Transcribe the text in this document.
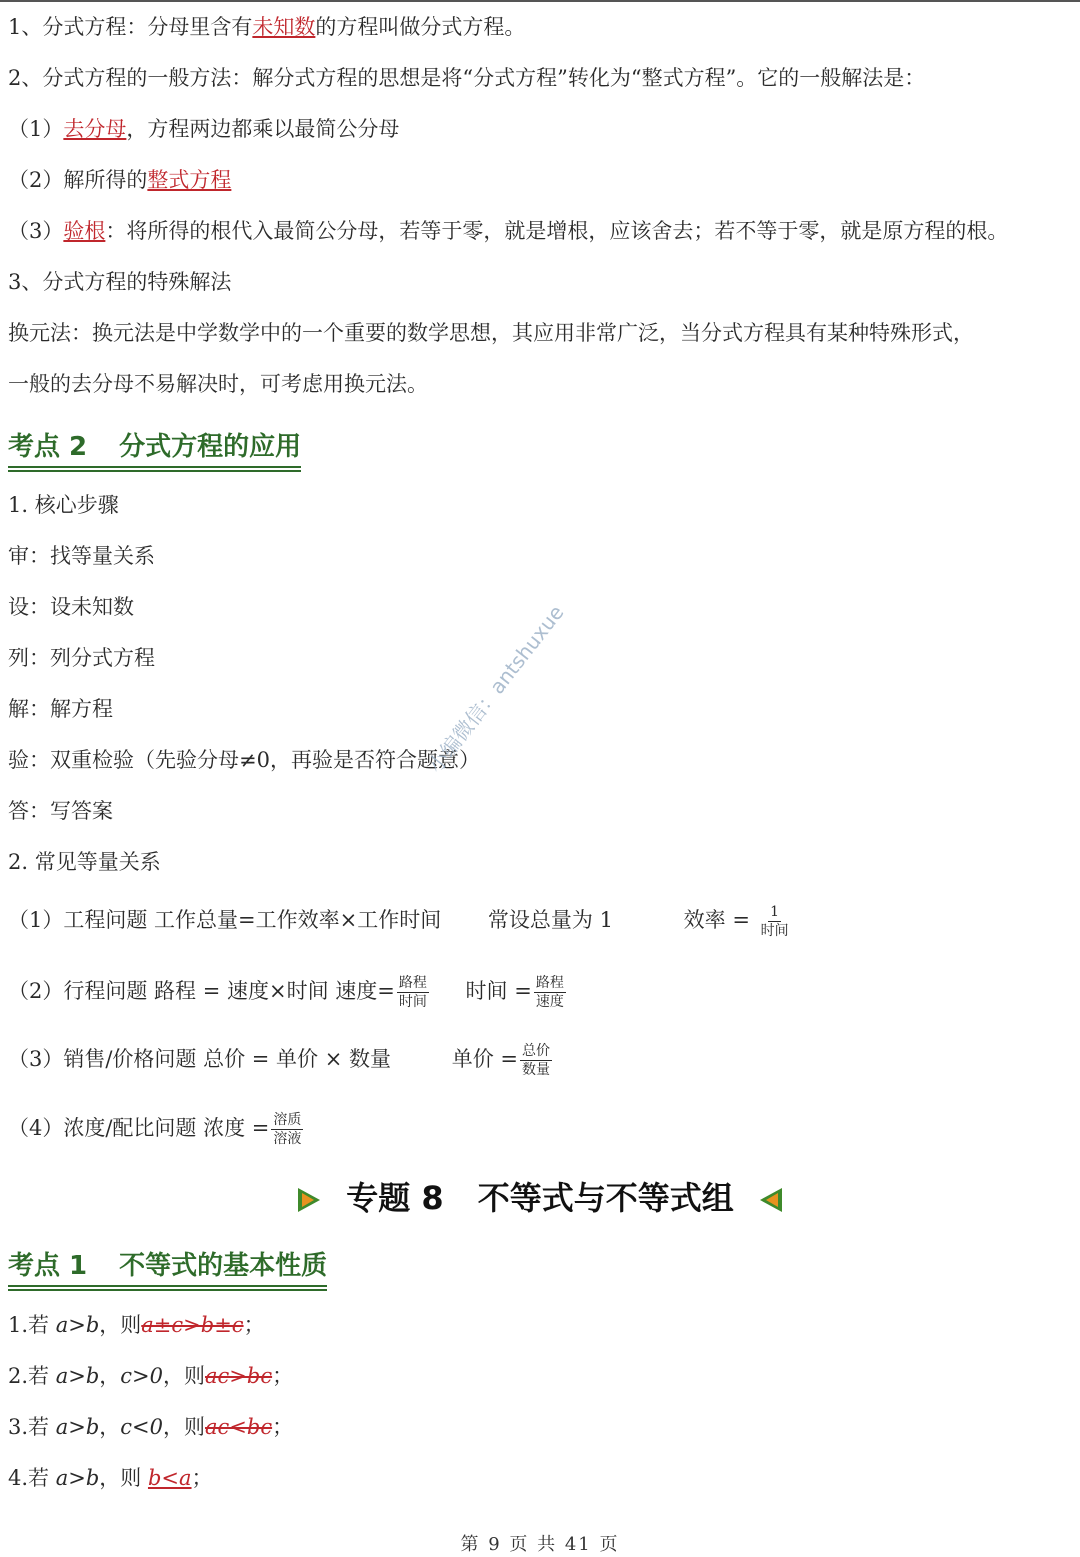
1、分式方程：分母里含有未知数的方程叫做分式方程。
2、分式方程的一般方法：解分式方程的思想是将“分式方程”转化为“整式方程”。它的一般解法是：
（1）去分母，方程两边都乘以最简公分母
（2）解所得的整式方程
（3）验根：将所得的根代入最简公分母，若等于零，就是增根，应该舍去；若不等于零，就是原方程的根。
3、分式方程的特殊解法
换元法：换元法是中学数学中的一个重要的数学思想，其应用非常广泛，当分式方程具有某种特殊形式，
一般的去分母不易解决时，可考虑用换元法。
考点 2 分式方程的应用
1. 核心步骤
审：找等量关系
设：设未知数
列：列分式方程
解：解方程
验：双重检验（先验分母≠0，再验是否符合题意）
答：写答案
2. 常见等量关系
（1）工程问题 工作总量=工作效率×工作时间 常设总量为 1	效率 = $\frac{1}{\text{时间}}$
（2）行程问题 路程 = 速度×时间 速度= $\frac{\text{路程}}{\text{时间}}$ 时间 = $\frac{\text{路程}}{\text{速度}}$
（3）销售/价格问题 总价 = 单价 × 数量	单价 = $\frac{\text{总价}}{\text{数量}}$
（4）浓度/配比问题 浓度 = $\frac{\text{溶质}}{\text{溶液}}$
专题 8 不等式与不等式组
考点 1 不等式的基本性质
1.若 a>b，则a±c>b±c；
2.若 a>b，c>0，则ac>bc；
3.若 a>b，c<0，则ac<bc；
4.若 a>b，则 b<a；
小编微信：antshuxue
第 9 页 共 41 页
